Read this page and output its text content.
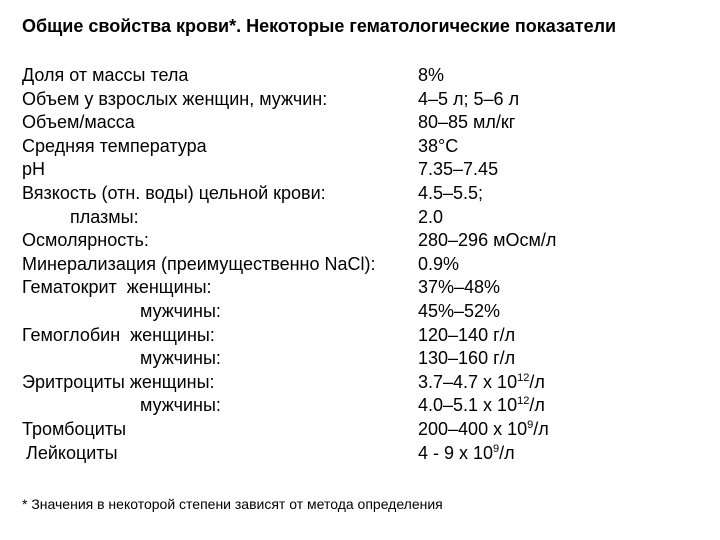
Общие свойства крови*. Некоторые гематологические показатели
Доля от массы тела	8%
Объем у взрослых женщин, мужчин:	4–5 л; 5–6 л
Объем/масса	80–85 мл/кг
Средняя температура	38°С
pH	7.35–7.45
Вязкость (отн. воды) цельной крови:	4.5–5.5;
плазмы:	2.0
Осмолярность:	280–296 мОсм/л
Минерализация (преимущественно NaCl): 0.9%
Гематокрит  женщины:	37%–48%
мужчины:	45%–52%
Гемоглобин  женщины:	120–140 г/л
мужчины:	130–160 г/л
Эритроциты женщины:	3.7–4.7 x $10^{12}/л$
мужчины:	4.0–5.1 x $10^{12}/л$
Тромбоциты	200–400 x $10^9/л$
Лейкоциты	4 - 9 x $10^9/л$
* Значения в некоторой степени зависят от метода определения
